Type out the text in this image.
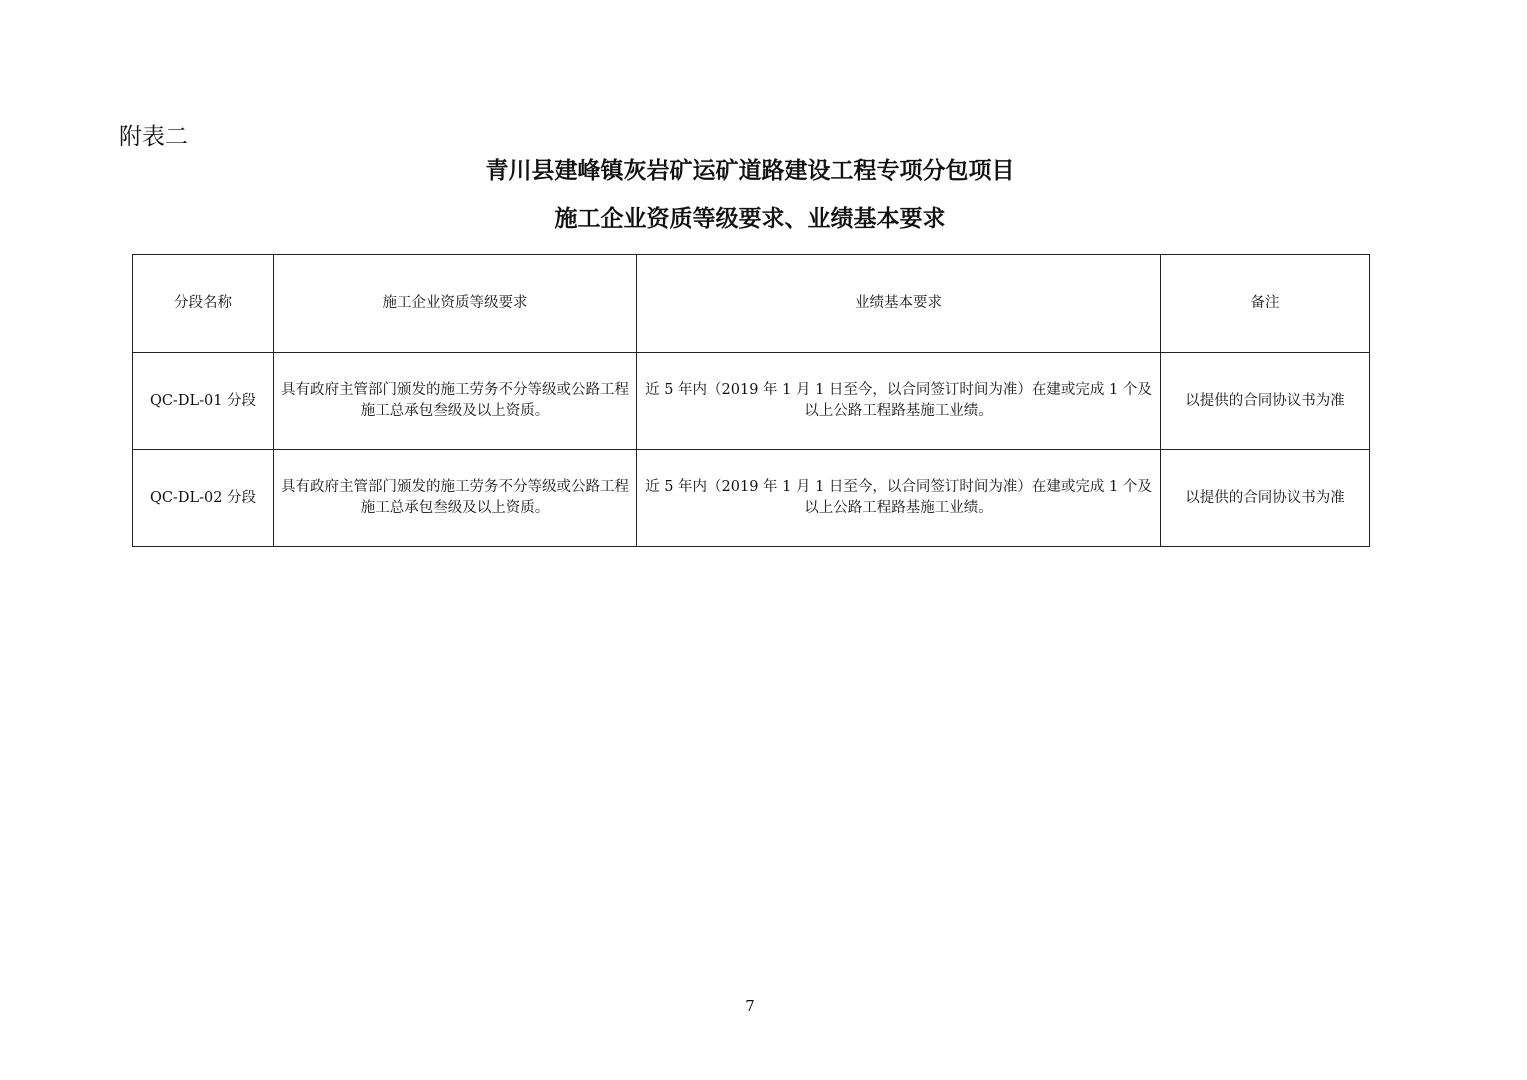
附表二
青川县建峰镇灰岩矿运矿道路建设工程专项分包项目
施工企业资质等级要求、业绩基本要求
分段名称	施工企业资质等级要求	业绩基本要求	备注
QC-DL-01 分段	具有政府主管部门颁发的施工劳务不分等级或公路工程施工总承包叁级及以上资质。	近 5 年内（2019 年 1 月 1 日至今，以合同签订时间为准）在建或完成 1 个及以上公路工程路基施工业绩。	以提供的合同协议书为准
QC-DL-02 分段	具有政府主管部门颁发的施工劳务不分等级或公路工程施工总承包叁级及以上资质。	近 5 年内（2019 年 1 月 1 日至今，以合同签订时间为准）在建或完成 1 个及以上公路工程路基施工业绩。	以提供的合同协议书为准
7
